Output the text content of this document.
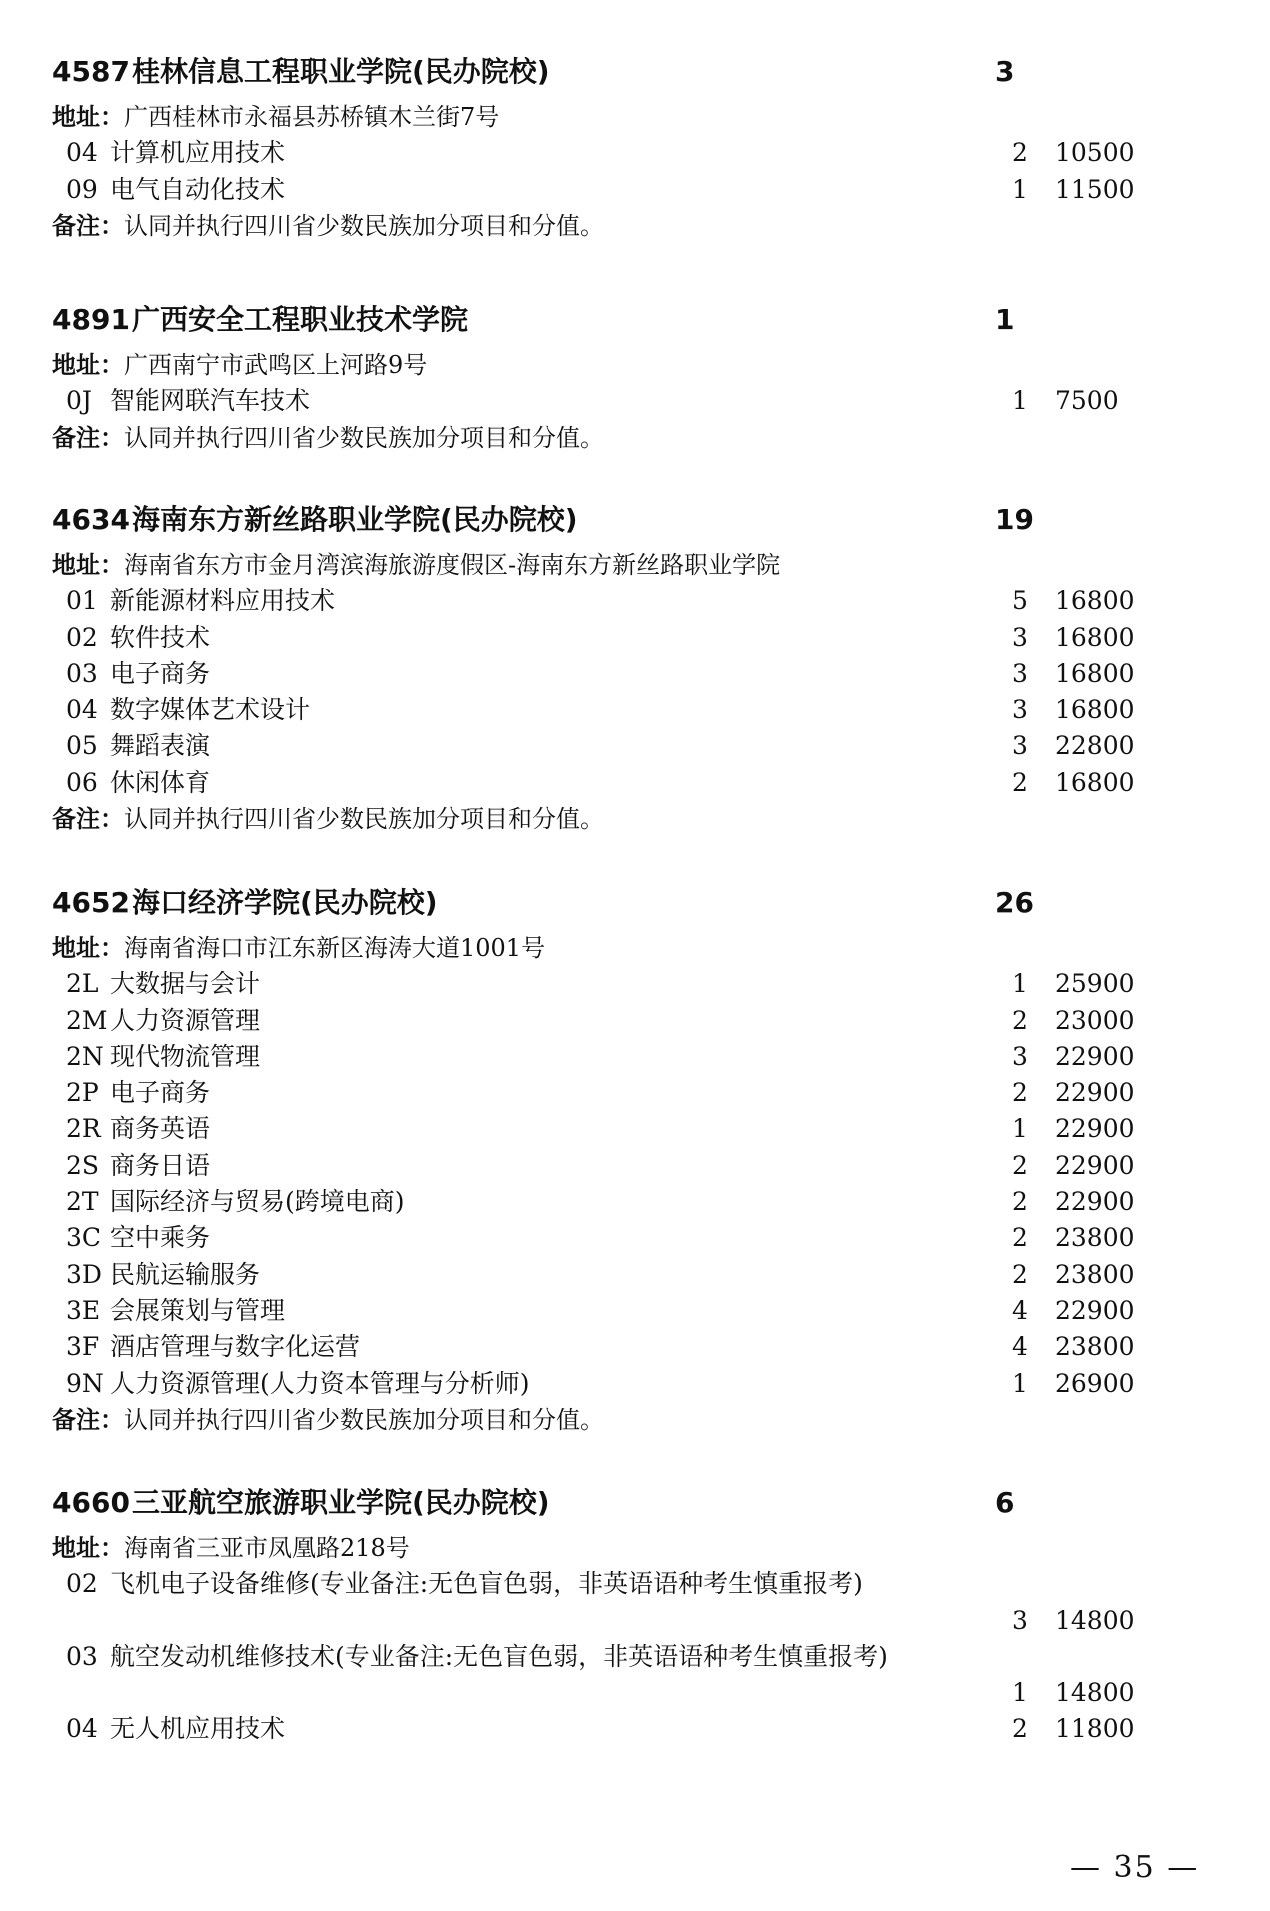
4587 桂林信息工程职业学院(民办院校)	3
地址：广西桂林市永福县苏桥镇木兰街7号
04 计算机应用技术	2 10500
09 电气自动化技术	1 11500
备注：认同并执行四川省少数民族加分项目和分值。
4891 广西安全工程职业技术学院	1
地址：广西南宁市武鸣区上河路9号
0J 智能网联汽车技术	1 7500
备注：认同并执行四川省少数民族加分项目和分值。
4634 海南东方新丝路职业学院(民办院校)	19
地址：海南省东方市金月湾滨海旅游度假区-海南东方新丝路职业学院
01 新能源材料应用技术	5 16800
02 软件技术	3 16800
03 电子商务	3 16800
04 数字媒体艺术设计	3 16800
05 舞蹈表演	3 22800
06 休闲体育	2 16800
备注：认同并执行四川省少数民族加分项目和分值。
4652 海口经济学院(民办院校)	26
地址：海南省海口市江东新区海涛大道1001号
2L 大数据与会计	1 25900
2M 人力资源管理	2 23000
2N 现代物流管理	3 22900
2P 电子商务	2 22900
2R 商务英语	1 22900
2S 商务日语	2 22900
2T 国际经济与贸易(跨境电商)	2 22900
3C 空中乘务	2 23800
3D 民航运输服务	2 23800
3E 会展策划与管理	4 22900
3F 酒店管理与数字化运营	4 23800
9N 人力资源管理(人力资本管理与分析师)	1 26900
备注：认同并执行四川省少数民族加分项目和分值。
4660 三亚航空旅游职业学院(民办院校)	6
地址：海南省三亚市凤凰路218号
02 飞机电子设备维修(专业备注:无色盲色弱，非英语语种考生慎重报考)
3 14800
03 航空发动机维修技术(专业备注:无色盲色弱，非英语语种考生慎重报考)
1 14800
04 无人机应用技术	2 11800
— 35 —
